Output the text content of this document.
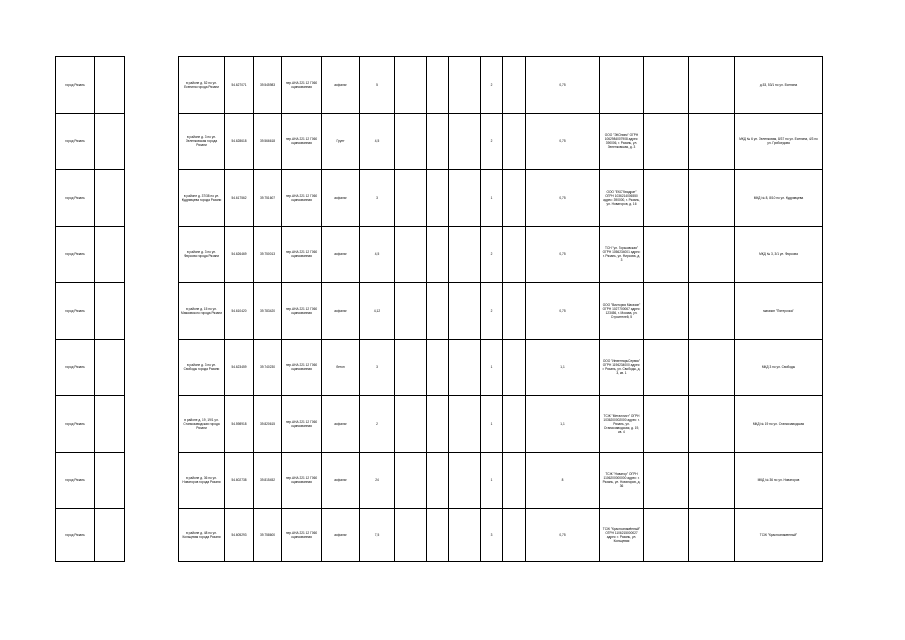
город Рязань			в районе д. 52 по ул. Есенина города Рязани	54.627071	39.545983	пер.АНА 221 12 Г060 оцинкованная	асфальт	5				2		0,75				д.53, 53/1 по ул. Есенина
город Рязань			в районе д. 3 по ул. Зеленковская города Рязани	54.628618	39.566618	пер.АНА 221 12 Г060 оцинкованная	Грунт	4,5				2		0,75	ООО "ЭКОлинк" ОГРН 1062984007908 адрес: 390006, г. Рязань, ул. Зеленковская, д. 3			МКД № 6 ул. Зеленковая, 8/37 по ул. Есенина, 4/3 по ул. Грибоедова
город Рязань			в районе д. 37/38 по ул. Кудрявцева города Рязани	54.617562	39.751607	пер.АНА 221 12 Г060 оцинкованная	асфальт	3				1		0,75	ООО "ЕКС"Квадрат" ОГРН 1036214006550 адрес: 390000, г. Рязань, ул. Новаторов, д. 16			МКД № 8, 8/10 по ул. Кудрявцева
город Рязань			в районе д. 3 по ул. Фирсова города Рязани	54.626469	39.750013	пер.АНА 221 12 Г060 оцинкованная	асфальт	4,5				2		0,75	ТСН "ул. Горьковская" ОГРН 1056234001 адрес: г. Рязань, ул. Фирсова, д. 3			МКД № 3, 3/1 ул. Фирсова
город Рязань			в районе д. 15 по ул. Маяковского города Рязани	54.610420	39.783420	пер.АНА 221 12 Г060 оцинкованная	асфальт	4,12				2		0,75	ООО "Виктория Магазин" ОГРН 1027700067 адрес: 123456, г. Москва, ул. Строителей, 5			магазин "Пятерочка"
город Рязань			в районе д. 3 по ул. Свободы города Рязани	54.623459	39.740230	пер.АНА 221 12 Г060 оцинкованная	бетон	3				1		1,1	ООО "ИнвентарьСервис" ОГРН 1196234000 адрес: г. Рязань, ул. Свободы, д. 3, кв. 1			МКД 3 по ул. Свободы
город Рязань			в районе д. 19, 19/1 ул. Станкозаводская города Рязани	54.598918	39.820615	пер.АНА 221 12 Г060 оцинкованная	асфальт	2				1		1,1	ТСЖ "Металлист" ОГРН 1036200002000 адрес: г. Рязань, ул. Станкозаводская, д. 19, кв. 4			МКД № 19 по ул. Станкозаводская
город Рязань			в районе д. 36 по ул. Новаторов города Рязани	54.602738	39.815452	пер.АНА 221 12 Г060 оцинкованная	асфальт	24				1		8	ТСЖ "Новатор" ОГРН 1106200000000 адрес: г. Рязань, ул. Новаторов, д. 36			МКД № 36 по ул. Новаторов
город Рязань			в районе д. 48 по ул. Кольцевая города Рязани	54.605293	39.758600	пер.АНА 221 12 Г060 оцинкованная	асфальт	7,5				3		0,75	ТСЖ "Краснознамённый" ОГРН 1106215000027 адрес: г. Рязань, ул. Кольцевая			ТСЖ "Краснознаменный"
